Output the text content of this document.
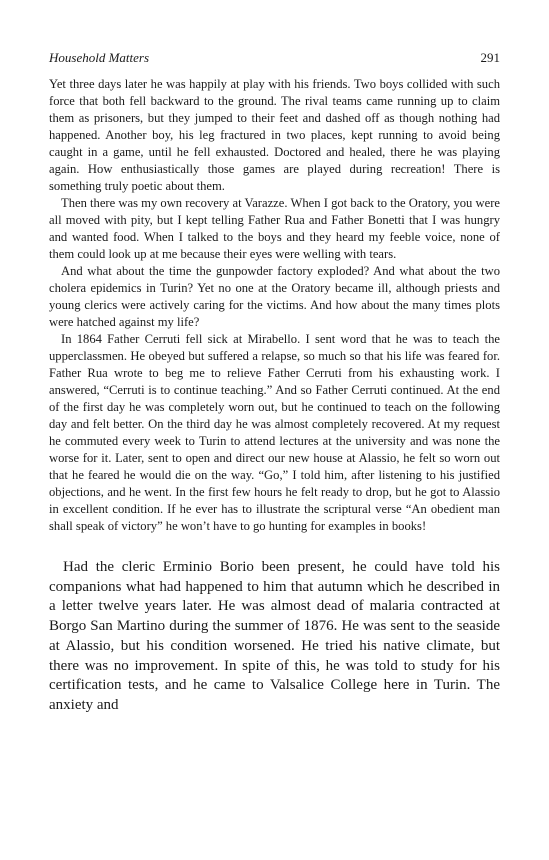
Household Matters	291

Yet three days later he was happily at play with his friends. Two boys collided with such force that both fell backward to the ground. The rival teams came running up to claim them as prisoners, but they jumped to their feet and dashed off as though nothing had happened. Another boy, his leg fractured in two places, kept running to avoid being caught in a game, until he fell exhausted. Doctored and healed, there he was playing again. How enthusiastically those games are played during recreation! There is something truly poetic about them.

Then there was my own recovery at Varazze. When I got back to the Oratory, you were all moved with pity, but I kept telling Father Rua and Father Bonetti that I was hungry and wanted food. When I talked to the boys and they heard my feeble voice, none of them could look up at me because their eyes were welling with tears.

And what about the time the gunpowder factory exploded? And what about the two cholera epidemics in Turin? Yet no one at the Oratory became ill, although priests and young clerics were actively caring for the victims. And how about the many times plots were hatched against my life?

In 1864 Father Cerruti fell sick at Mirabello. I sent word that he was to teach the upperclassmen. He obeyed but suffered a relapse, so much so that his life was feared for. Father Rua wrote to beg me to relieve Father Cerruti from his exhausting work. I answered, “Cerruti is to continue teaching.” And so Father Cerruti continued. At the end of the first day he was completely worn out, but he continued to teach on the following day and felt better. On the third day he was almost completely recovered. At my request he commuted every week to Turin to attend lectures at the university and was none the worse for it. Later, sent to open and direct our new house at Alassio, he felt so worn out that he feared he would die on the way. “Go,” I told him, after listening to his justified objections, and he went. In the first few hours he felt ready to drop, but he got to Alassio in excellent condition. If he ever has to illustrate the scriptural verse “An obedient man shall speak of victory” he won’t have to go hunting for examples in books!

Had the cleric Erminio Borio been present, he could have told his companions what had happened to him that autumn which he described in a letter twelve years later. He was almost dead of malaria contracted at Borgo San Martino during the summer of 1876. He was sent to the seaside at Alassio, but his condition worsened. He tried his native climate, but there was no improvement. In spite of this, he was told to study for his certification tests, and he came to Valsalice College here in Turin. The anxiety and
